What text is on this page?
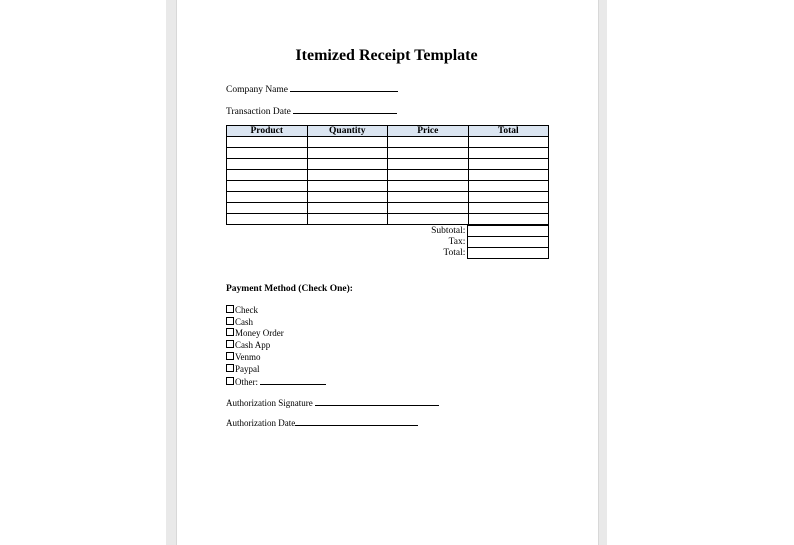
Itemized Receipt Template
Company Name
Transaction Date
Product	Quantity	Price	Total

		Subtotal:	
		Tax:	
		Total:	
Payment Method (Check One):
Check
Cash
Money Order
Cash App
Venmo
Paypal
Other:
Authorization Signature
Authorization Date
